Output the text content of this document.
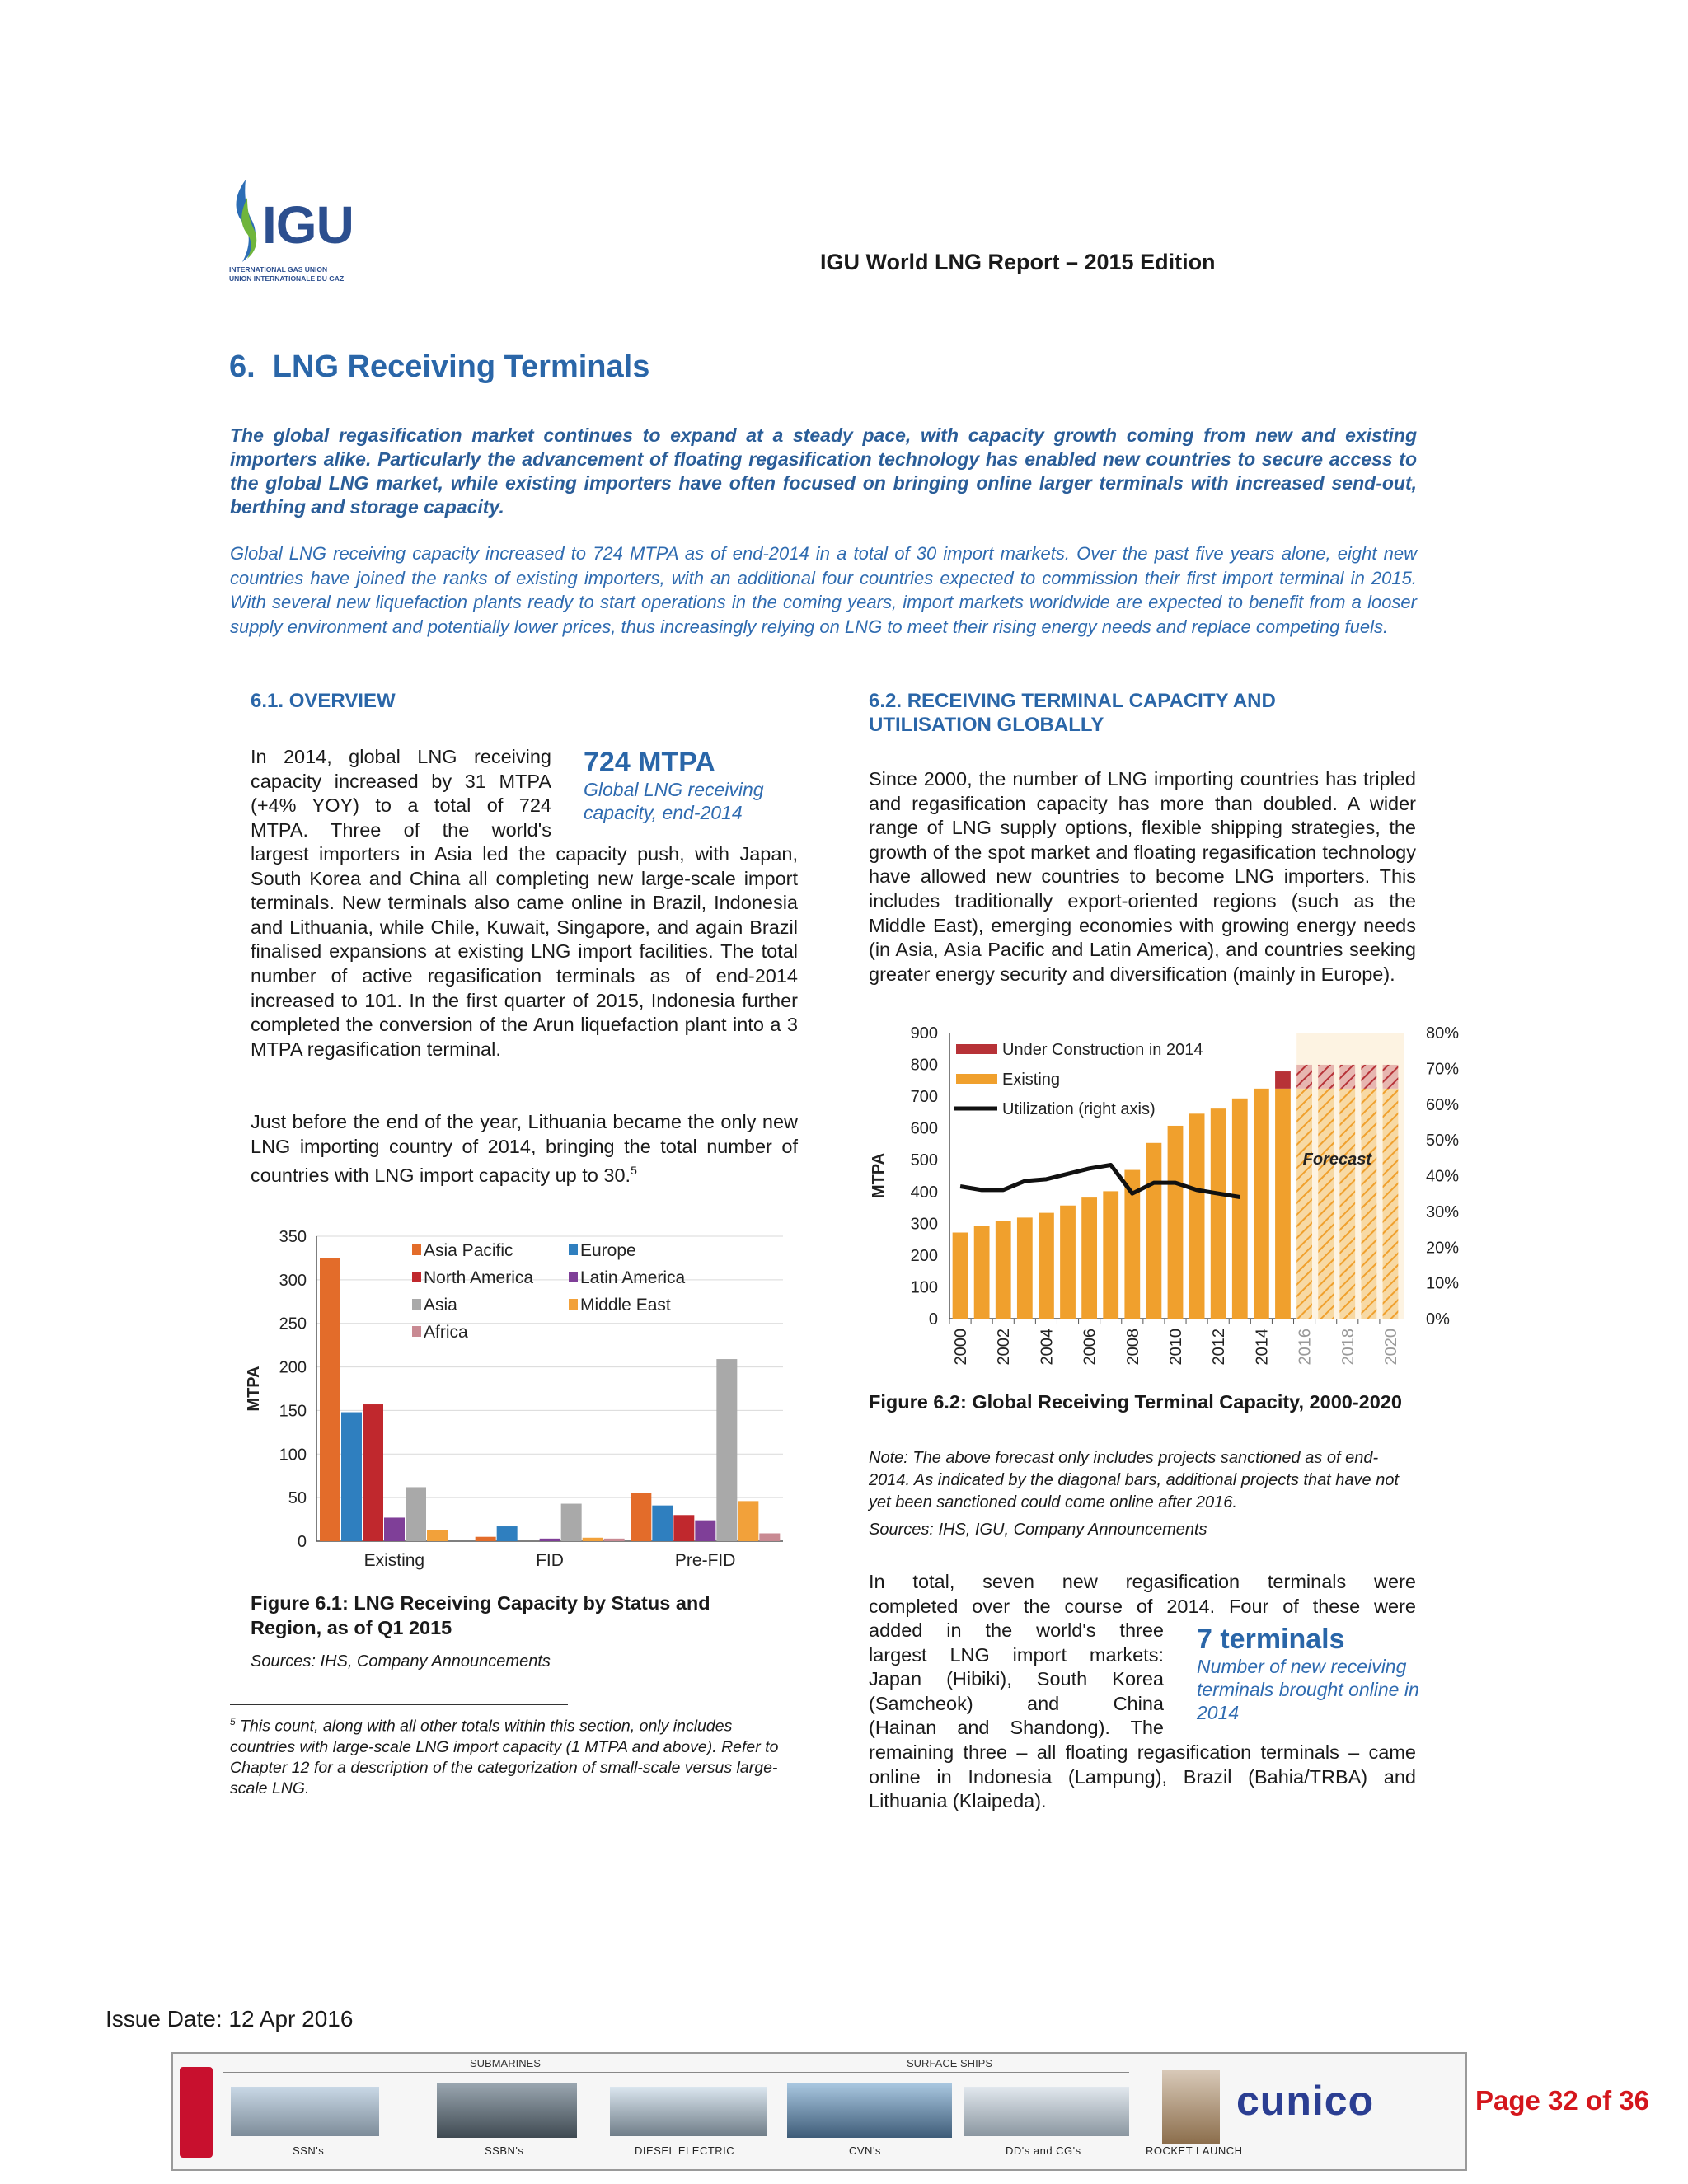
IGU
INTERNATIONAL GAS UNION
UNION INTERNATIONALE DU GAZ
IGU World LNG Report – 2015 Edition
6.  LNG Receiving Terminals
The global regasification market continues to expand at a steady pace, with capacity growth coming from new and existing importers alike. Particularly the advancement of floating regasification technology has enabled new countries to secure access to the global LNG market, while existing importers have often focused on bringing online larger terminals with increased send-out, berthing and storage capacity.
Global LNG receiving capacity increased to 724 MTPA as of end-2014 in a total of 30 import markets. Over the past five years alone, eight new countries have joined the ranks of existing importers, with an additional four countries expected to commission their first import terminal in 2015. With several new liquefaction plants ready to start operations in the coming years, import markets worldwide are expected to benefit from a looser supply environment and potentially lower prices, thus increasingly relying on LNG to meet their rising energy needs and replace competing fuels.
6.1. OVERVIEW
In 2014, global LNG receiving
capacity increased by 31 MTPA
(+4% YOY) to a total of 724
MTPA. Three of the world's
724 MTPA
Global LNG receiving capacity, end-2014
largest importers in Asia led the capacity push, with Japan, South Korea and China all completing new large-scale import terminals. New terminals also came online in Brazil, Indonesia and Lithuania, while Chile, Kuwait, Singapore, and again Brazil finalised expansions at existing LNG import facilities. The total number of active regasification terminals as of end-2014 increased to 101. In the first quarter of 2015, Indonesia further completed the conversion of the Arun liquefaction plant into a 3 MTPA regasification terminal.
Just before the end of the year, Lithuania became the only new LNG importing country of 2014, bringing the total number of countries with LNG import capacity up to 30.$^5$
0
50
100
150
200
250
300
350
MTPA
Existing	FID	Pre-FID
Asia Pacific	Europe
North America	Latin America
Asia	Middle East
Africa
Figure 6.1: LNG Receiving Capacity by Status and Region, as of Q1 2015
Sources: IHS, Company Announcements
$^5$ This count, along with all other totals within this section, only includes countries with large-scale LNG import capacity (1 MTPA and above). Refer to Chapter 12 for a description of the categorization of small-scale versus large-scale LNG.
6.2. RECEIVING TERMINAL CAPACITY AND
UTILISATION GLOBALLY
Since 2000, the number of LNG importing countries has tripled and regasification capacity has more than doubled. A wider range of LNG supply options, flexible shipping strategies, the growth of the spot market and floating regasification technology have allowed new countries to become LNG importers. This includes traditionally export-oriented regions (such as the Middle East), emerging economies with growing energy needs (in Asia, Asia Pacific and Latin America), and countries seeking greater energy security and diversification (mainly in Europe).
0
100
200
300
400
500
600
700
800
900
0%
10%
20%
30%
40%
50%
60%
70%
80%
MTPA
2000 2002 2004 2006 2008 2010 2012 2014 2016 2018 2020
Under Construction in 2014
Existing
Utilization (right axis)
Forecast
Figure 6.2: Global Receiving Terminal Capacity, 2000-2020
Note: The above forecast only includes projects sanctioned as of end-2014. As indicated by the diagonal bars, additional projects that have not yet been sanctioned could come online after 2016.
Sources: IHS, IGU, Company Announcements
In total, seven new regasification terminals were
completed over the course of 2014. Four of these were
added in the world's three
largest LNG import markets:
Japan (Hibiki), South Korea
(Samcheok) and China
(Hainan and Shandong). The
7 terminals
Number of new receiving terminals brought online in 2014
remaining three – all floating regasification terminals – came online in Indonesia (Lampung), Brazil (Bahia/TRBA) and Lithuania (Klaipeda).
Issue Date: 12 Apr 2016
SUBMARINES	SURFACE SHIPS
SSN's	SSBN's	DIESEL ELECTRIC	CVN's	DD's and CG's	ROCKET LAUNCH
cunico	Page 32 of 36
